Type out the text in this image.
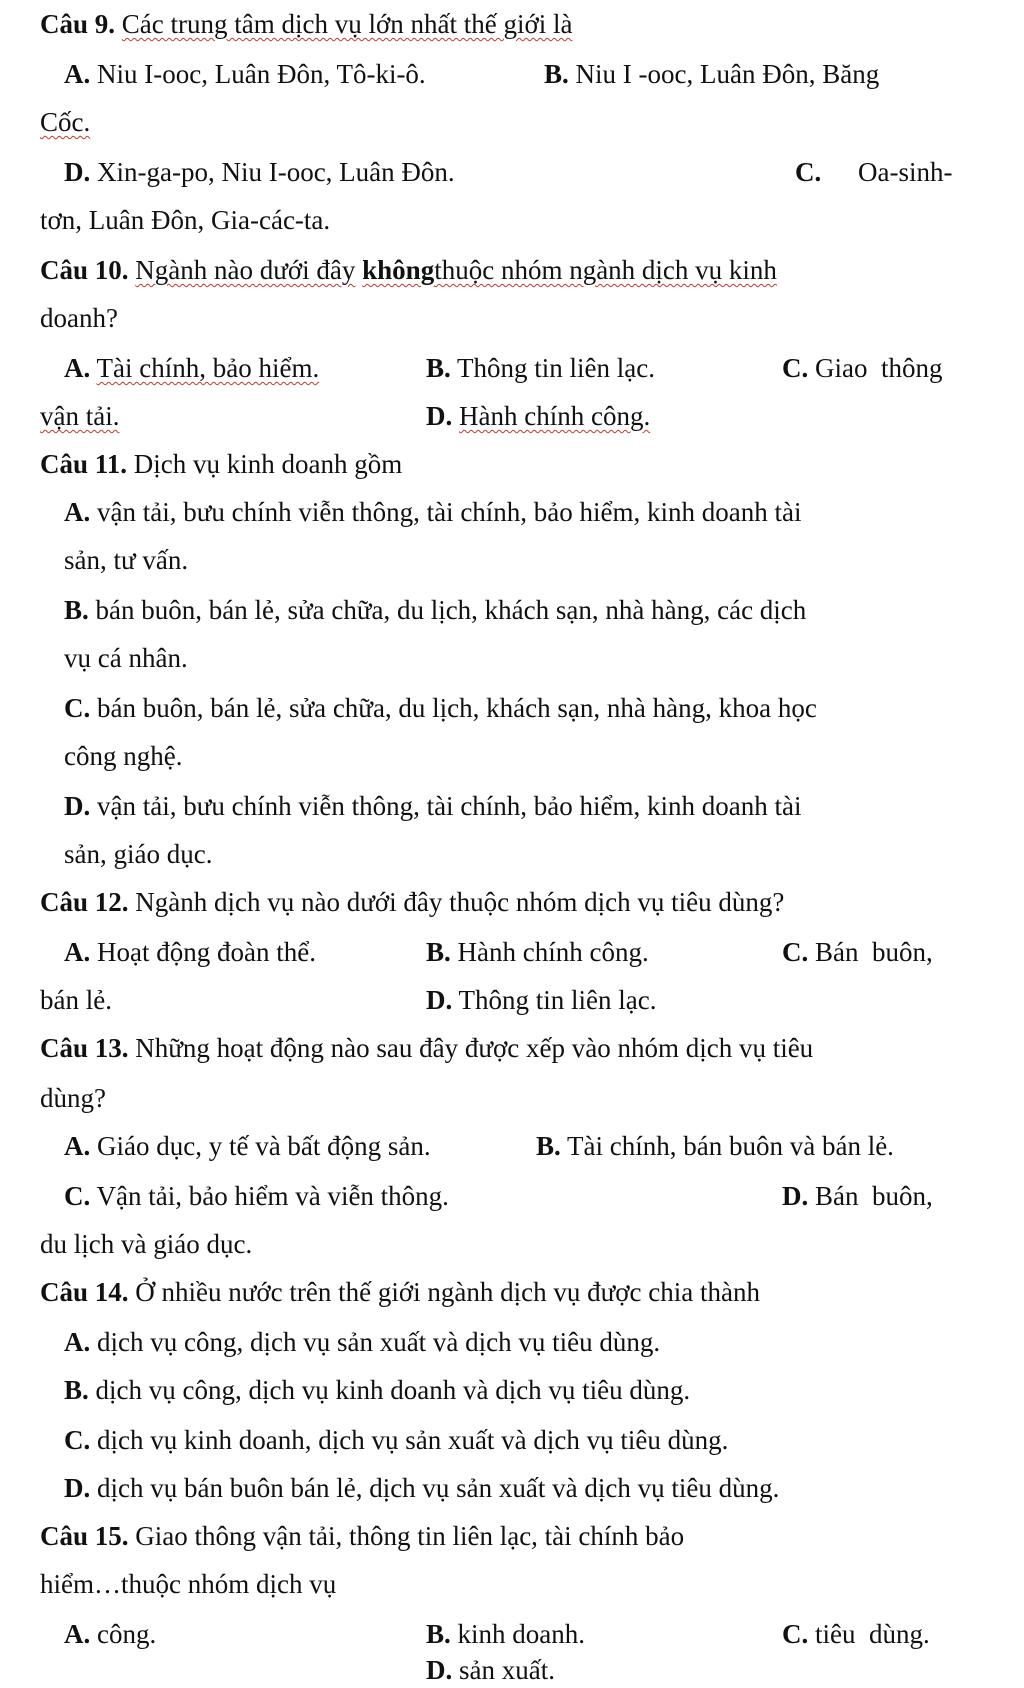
Câu 9. Các trung tâm dịch vụ lớn nhất thế giới là
A. Niu I-ooc, Luân Đôn, Tô-ki-ô.	B. Niu I -ooc, Luân Đôn, Băng
Cốc.
D. Xin-ga-po, Niu I-ooc, Luân Đôn.	C. Oa-sinh-
tơn, Luân Đôn, Gia-các-ta.
Câu 10. Ngành nào dưới đây khôngthuộc nhóm ngành dịch vụ kinh
doanh?
A. Tài chính, bảo hiểm.	B. Thông tin liên lạc.	C. Giao  thông
vận tải.	D. Hành chính công.
Câu 11. Dịch vụ kinh doanh gồm
A. vận tải, bưu chính viễn thông, tài chính, bảo hiểm, kinh doanh tài
sản, tư vấn.
B. bán buôn, bán lẻ, sửa chữa, du lịch, khách sạn, nhà hàng, các dịch
vụ cá nhân.
C. bán buôn, bán lẻ, sửa chữa, du lịch, khách sạn, nhà hàng, khoa học
công nghệ.
D. vận tải, bưu chính viễn thông, tài chính, bảo hiểm, kinh doanh tài
sản, giáo dục.
Câu 12. Ngành dịch vụ nào dưới đây thuộc nhóm dịch vụ tiêu dùng?
A. Hoạt động đoàn thể.	B. Hành chính công.	C. Bán  buôn,
bán lẻ.	D. Thông tin liên lạc.
Câu 13. Những hoạt động nào sau đây được xếp vào nhóm dịch vụ tiêu
dùng?
A. Giáo dục, y tế và bất động sản.	B. Tài chính, bán buôn và bán lẻ.
C. Vận tải, bảo hiểm và viễn thông.	D. Bán  buôn,
du lịch và giáo dục.
Câu 14. Ở nhiều nước trên thế giới ngành dịch vụ được chia thành
A. dịch vụ công, dịch vụ sản xuất và dịch vụ tiêu dùng.
B. dịch vụ công, dịch vụ kinh doanh và dịch vụ tiêu dùng.
C. dịch vụ kinh doanh, dịch vụ sản xuất và dịch vụ tiêu dùng.
D. dịch vụ bán buôn bán lẻ, dịch vụ sản xuất và dịch vụ tiêu dùng.
Câu 15. Giao thông vận tải, thông tin liên lạc, tài chính bảo
hiểm…thuộc nhóm dịch vụ
A. công.	B. kinh doanh.	C. tiêu  dùng.
D. sản xuất.
